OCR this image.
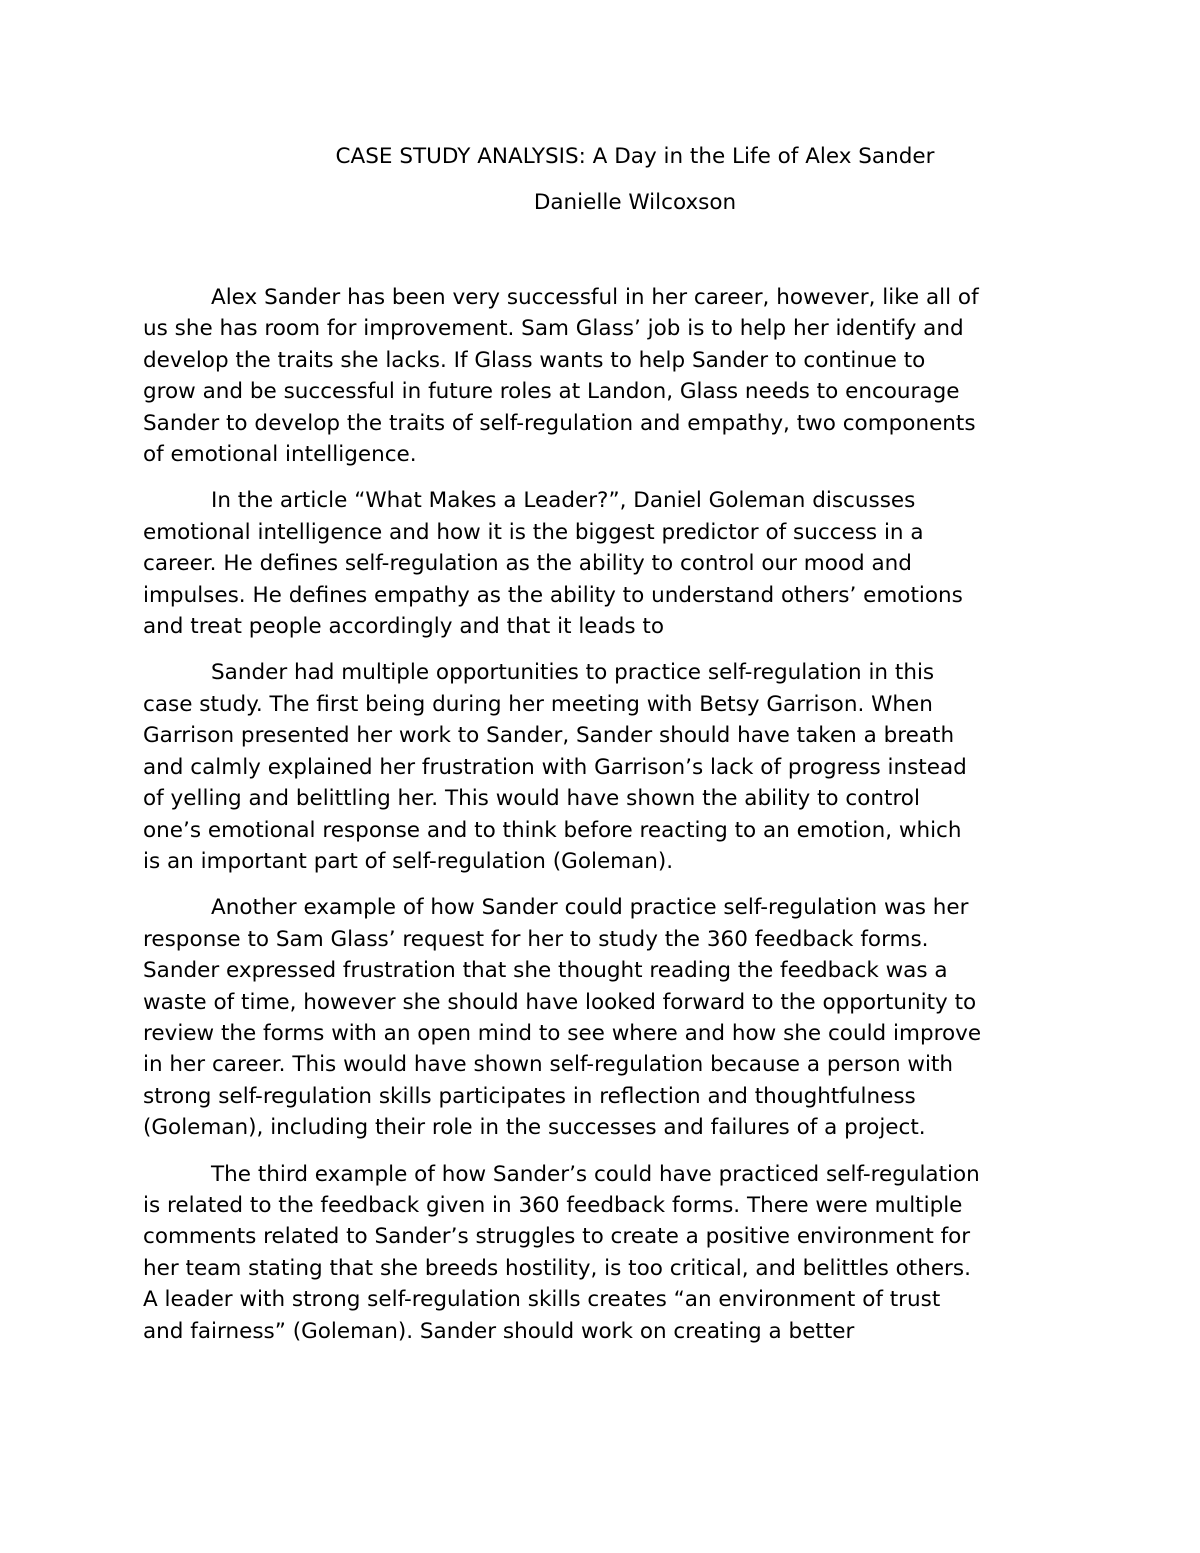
CASE STUDY ANALYSIS: A Day in the Life of Alex Sander
Danielle Wilcoxson
Alex Sander has been very successful in her career, however, like all of
us she has room for improvement. Sam Glass’ job is to help her identify and
develop the traits she lacks. If Glass wants to help Sander to continue to
grow and be successful in future roles at Landon, Glass needs to encourage
Sander to develop the traits of self-regulation and empathy, two components
of emotional intelligence.
In the article “What Makes a Leader?”, Daniel Goleman discusses
emotional intelligence and how it is the biggest predictor of success in a
career. He defines self-regulation as the ability to control our mood and
impulses. He defines empathy as the ability to understand others’ emotions
and treat people accordingly and that it leads to
Sander had multiple opportunities to practice self-regulation in this
case study. The first being during her meeting with Betsy Garrison. When
Garrison presented her work to Sander, Sander should have taken a breath
and calmly explained her frustration with Garrison’s lack of progress instead
of yelling and belittling her. This would have shown the ability to control
one’s emotional response and to think before reacting to an emotion, which
is an important part of self-regulation (Goleman).
Another example of how Sander could practice self-regulation was her
response to Sam Glass’ request for her to study the 360 feedback forms.
Sander expressed frustration that she thought reading the feedback was a
waste of time, however she should have looked forward to the opportunity to
review the forms with an open mind to see where and how she could improve
in her career. This would have shown self-regulation because a person with
strong self-regulation skills participates in reflection and thoughtfulness
(Goleman), including their role in the successes and failures of a project.
The third example of how Sander’s could have practiced self-regulation
is related to the feedback given in 360 feedback forms. There were multiple
comments related to Sander’s struggles to create a positive environment for
her team stating that she breeds hostility, is too critical, and belittles others.
A leader with strong self-regulation skills creates “an environment of trust
and fairness” (Goleman). Sander should work on creating a better
